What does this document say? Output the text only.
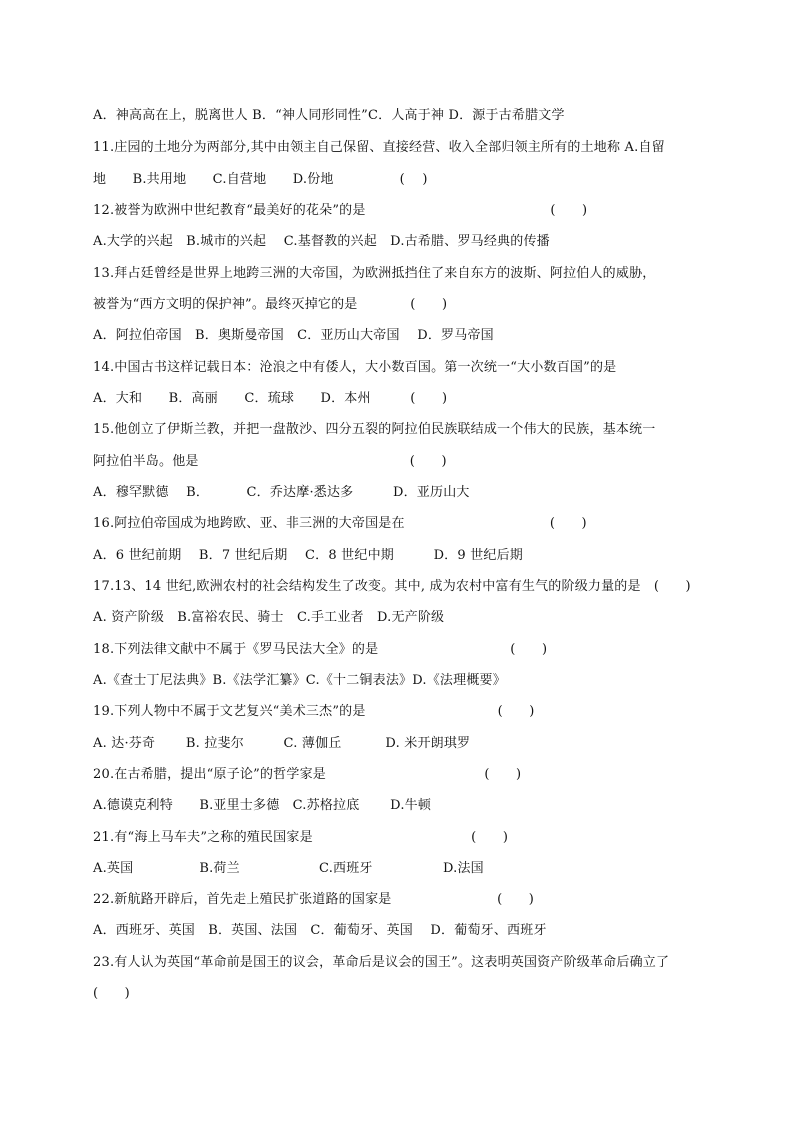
A．神高高在上，脱离世人 B．“神人同形同性”C．人高于神 D．源于古希腊文学
11.庄园的土地分为两部分,其中由领主自己保留、直接经营、收入全部归领主所有的土地称 A.自留
地　　B.共用地　　C.自营地　　D.份地　　　　　(　 )
12.被誉为欧洲中世纪教育“最美好的花朵”的是　　　　　　　　　　　　　　(　　)
A.大学的兴起　B.城市的兴起　 C.基督教的兴起　D.古希腊、罗马经典的传播
13.拜占廷曾经是世界上地跨三洲的大帝国，为欧洲抵挡住了来自东方的波斯、阿拉伯人的威胁，
被誉为“西方文明的保护神”。最终灭掉它的是　　　　(　　)
A．阿拉伯帝国　B．奥斯曼帝国　C．亚历山大帝国　 D．罗马帝国
14.中国古书这样记载日本：沧浪之中有倭人，大小数百国。第一次统一“大小数百国”的是
A．大和　　B．高丽　　C．琉球　　D．本州　　　(　　)
15.他创立了伊斯兰教，并把一盘散沙、四分五裂的阿拉伯民族联结成一个伟大的民族，基本统一
阿拉伯半岛。他是　　　　　　　　　　　　　　　　(　　)
A．穆罕默德　 B．　　　 C．乔达摩·悉达多　　　D．亚历山大
16.阿拉伯帝国成为地跨欧、亚、非三洲的大帝国是在　　　　　　　　　　　(　　)
A．6 世纪前期　 B．7 世纪后期　 C．8 世纪中期　　　D．9 世纪后期
17.13、14 世纪,欧洲农村的社会结构发生了改变。其中, 成为农村中富有生气的阶级力量的是　(　　)
A. 资产阶级　B.富裕农民、骑士　C.手工业者　D.无产阶级
18.下列法律文献中不属于《罗马民法大全》的是　　　　　　　　　　(　　)
A.《查士丁尼法典》B.《法学汇纂》C.《十二铜表法》D.《法理概要》
19.下列人物中不属于文艺复兴“美术三杰”的是　　　　　　　　　　(　　)
A. 达·芬奇　　 B. 拉斐尔　　　C. 薄伽丘　　　 D. 米开朗琪罗
20.在古希腊，提出“原子论”的哲学家是　　　　　　　　　　　　(　　)
A.德谟克利特　　B.亚里士多德　C.苏格拉底　　 D.牛顿
21.有“海上马车夫”之称的殖民国家是　　　　　　　　　　　　(　　)
A.英国　　　　　B.荷兰　　　　　　C.西班牙　　　　　 D.法国
22.新航路开辟后，首先走上殖民扩张道路的国家是　　　　　　　　(　　)
A．西班牙、英国　B．英国、法国　C．葡萄牙、英国　 D．葡萄牙、西班牙
23.有人认为英国“革命前是国王的议会，革命后是议会的国王”。这表明英国资产阶级革命后确立了
(　　)
